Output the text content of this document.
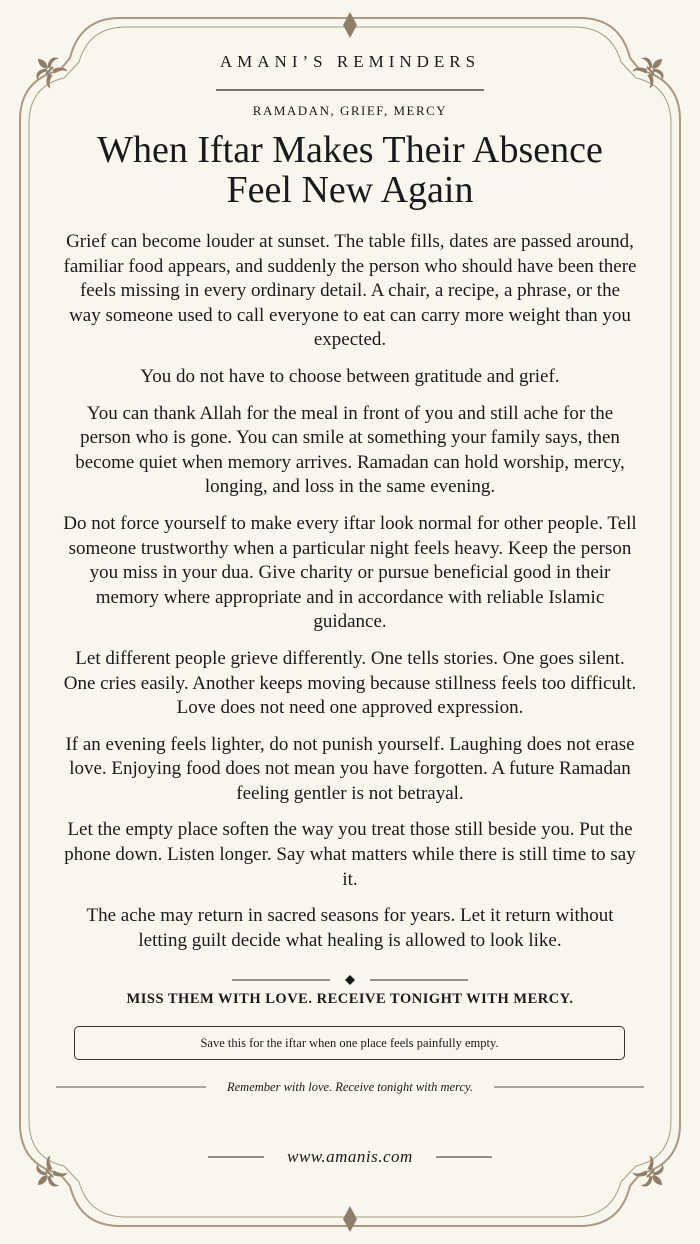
AMANI’S REMINDERS
RAMADAN, GRIEF, MERCY
When Iftar Makes Their Absence
Feel New Again

Grief can become louder at sunset. The table fills, dates are passed around, familiar food appears, and suddenly the person who should have been there feels missing in every ordinary detail. A chair, a recipe, a phrase, or the way someone used to call everyone to eat can carry more weight than you expected.

You do not have to choose between gratitude and grief.

You can thank Allah for the meal in front of you and still ache for the person who is gone. You can smile at something your family says, then become quiet when memory arrives. Ramadan can hold worship, mercy, longing, and loss in the same evening.

Do not force yourself to make every iftar look normal for other people. Tell someone trustworthy when a particular night feels heavy. Keep the person you miss in your dua. Give charity or pursue beneficial good in their memory where appropriate and in accordance with reliable Islamic guidance.

Let different people grieve differently. One tells stories. One goes silent. One cries easily. Another keeps moving because stillness feels too difficult. Love does not need one approved expression.

If an evening feels lighter, do not punish yourself. Laughing does not erase love. Enjoying food does not mean you have forgotten. A future Ramadan feeling gentler is not betrayal.

Let the empty place soften the way you treat those still beside you. Put the phone down. Listen longer. Say what matters while there is still time to say it.

The ache may return in sacred seasons for years. Let it return without letting guilt decide what healing is allowed to look like.

MISS THEM WITH LOVE. RECEIVE TONIGHT WITH MERCY.
Save this for the iftar when one place feels painfully empty.
Remember with love. Receive tonight with mercy.
www.amanis.com
